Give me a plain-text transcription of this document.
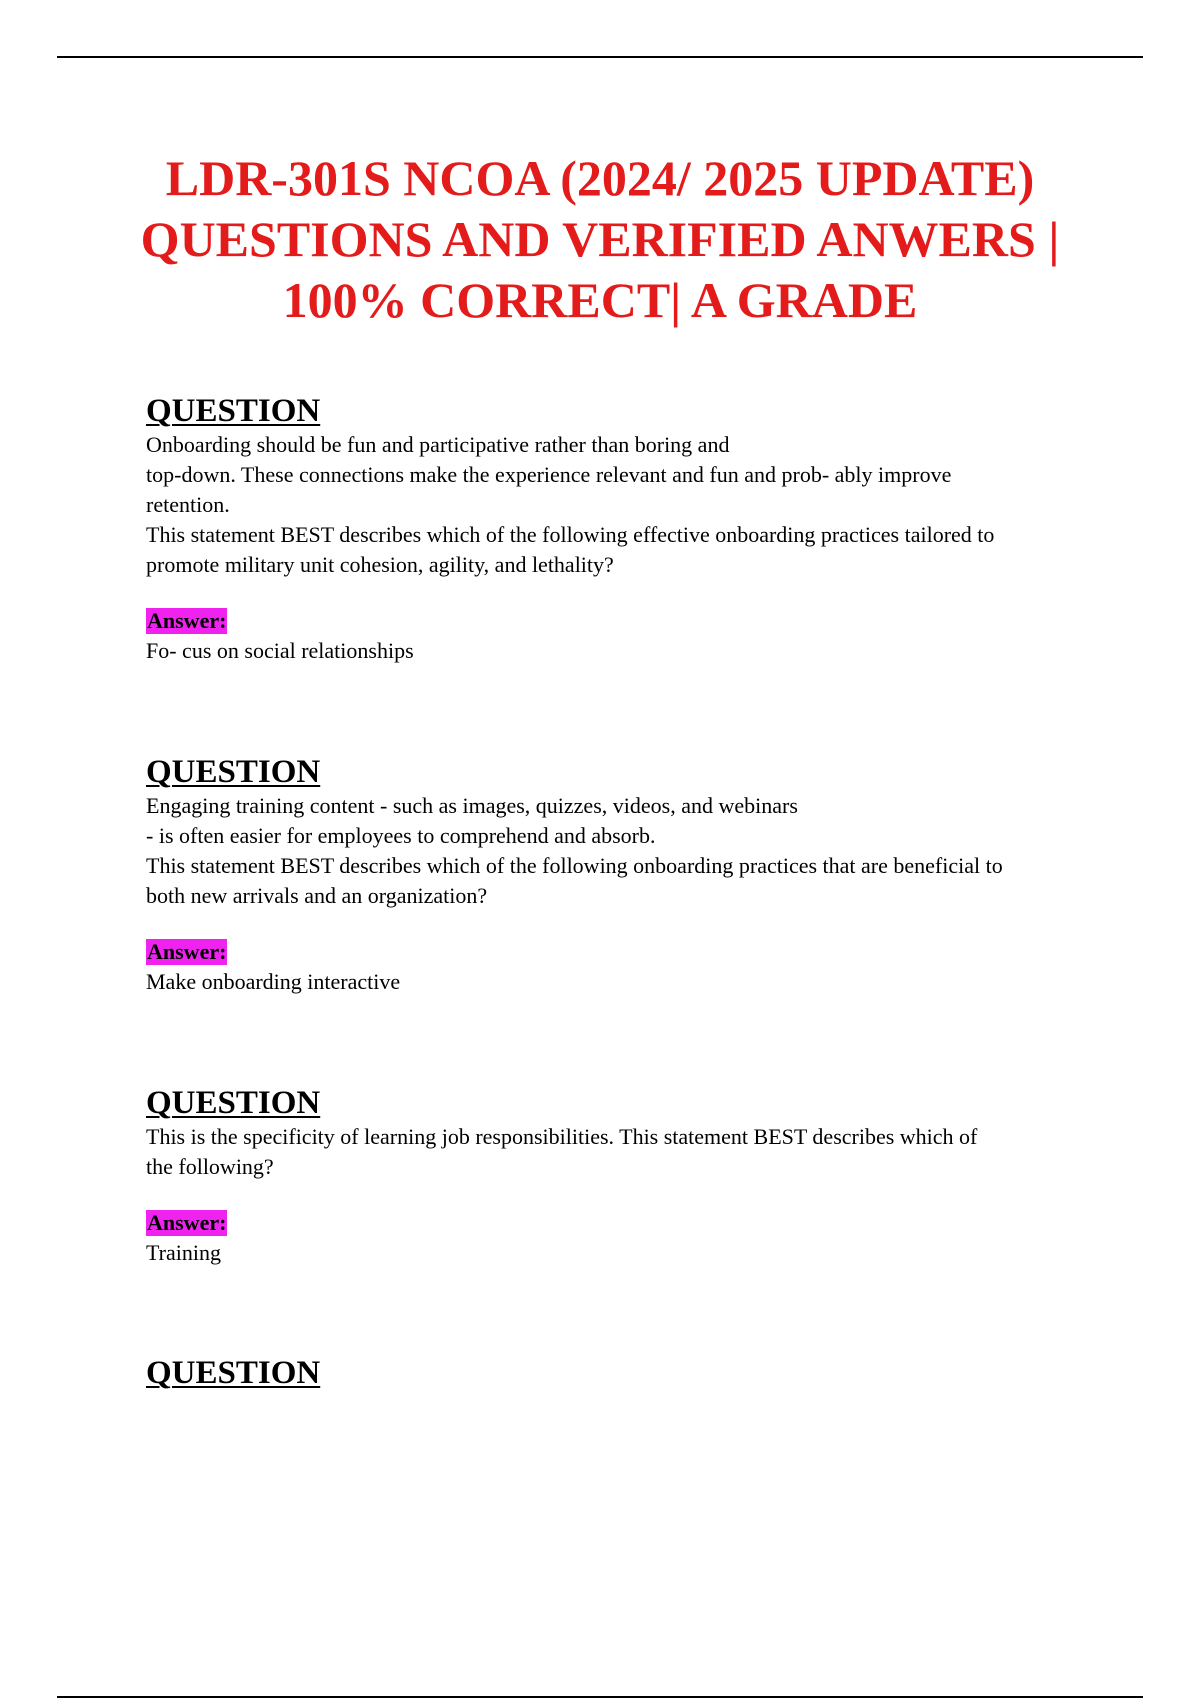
LDR-301S NCOA (2024/ 2025 UPDATE)
QUESTIONS AND VERIFIED ANWERS |
100% CORRECT| A GRADE
QUESTION

Onboarding should be fun and participative rather than boring and
top-down. These connections make the experience relevant and fun and prob- ably improve
retention.
This statement BEST describes which of the following effective onboarding practices tailored to
promote military unit cohesion, agility, and lethality?

Answer:

Fo- cus on social relationships

QUESTION

Engaging training content - such as images, quizzes, videos, and webinars
- is often easier for employees to comprehend and absorb.
This statement BEST describes which of the following onboarding practices that are beneficial to
both new arrivals and an organization?

Answer:

Make onboarding interactive

QUESTION

This is the specificity of learning job responsibilities. This statement BEST describes which of
the following?

Answer:

Training

QUESTION
